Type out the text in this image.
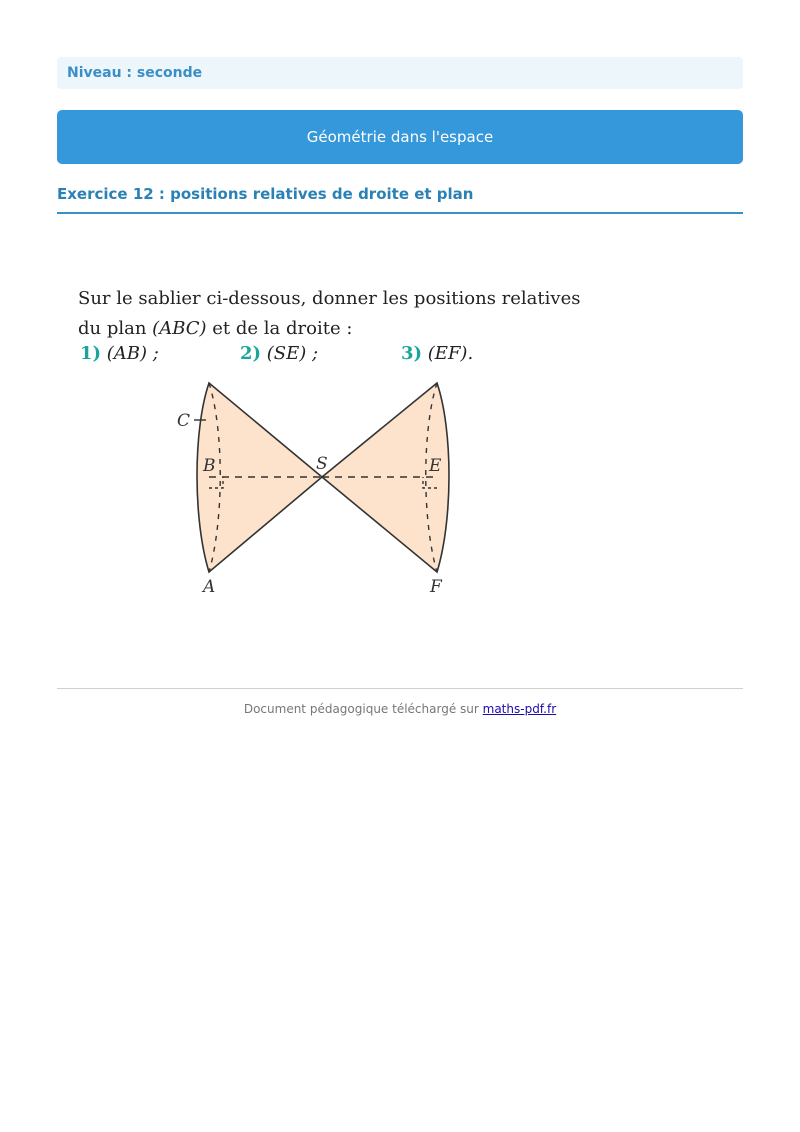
Niveau : seconde
Géométrie dans l'espace
Exercice 12 : positions relatives de droite et plan
Sur le sablier ci-dessous, donner les positions relatives
du plan (ABC) et de la droite :
1) (AB) ;	2) (SE) ;	3) (EF).
C
B	S	E
A	F
Document pédagogique téléchargé sur maths-pdf.fr
